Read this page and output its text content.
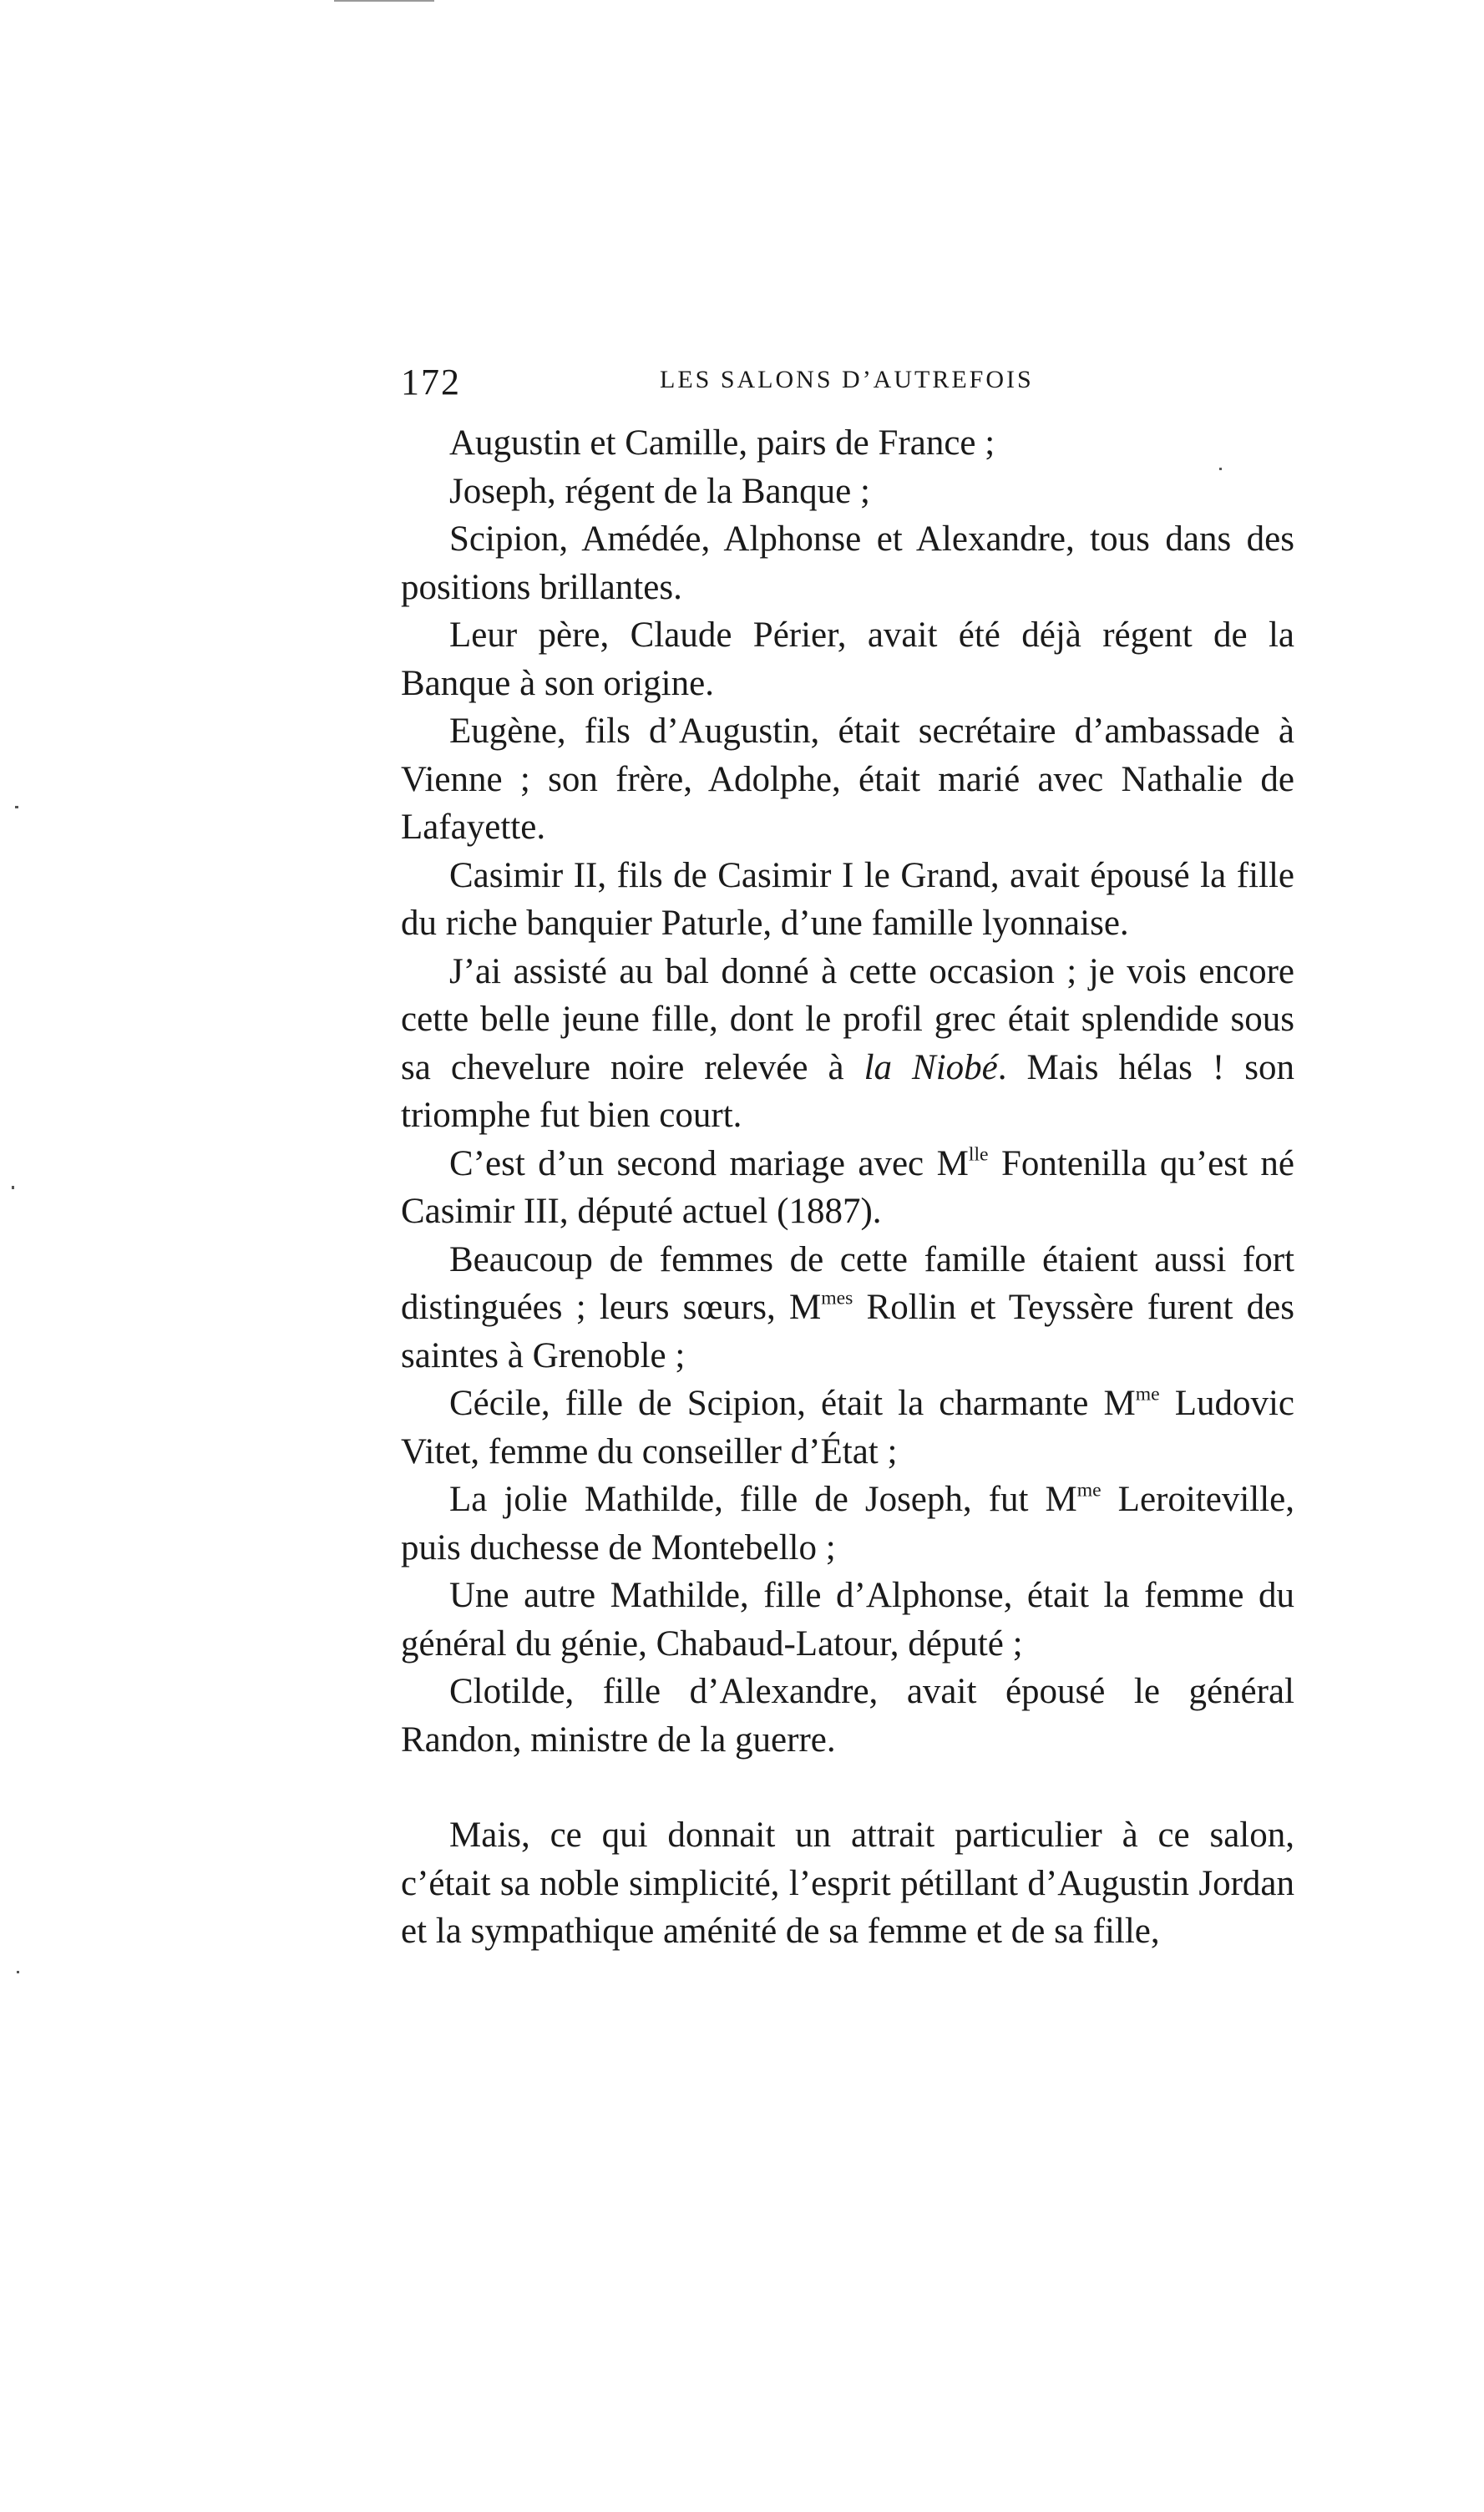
172	LES SALONS D’AUTREFOIS

Augustin et Camille, pairs de France ;

Joseph, régent de la Banque ;

Scipion, Amédée, Alphonse et Alexandre, tous dans des positions brillantes.

Leur père, Claude Périer, avait été déjà régent de la Banque à son origine.

Eugène, fils d’Augustin, était secrétaire d’ambassade à Vienne ; son frère, Adolphe, était marié avec Nathalie de Lafayette.

Casimir II, fils de Casimir I le Grand, avait épousé la fille du riche banquier Paturle, d’une famille lyonnaise.

J’ai assisté au bal donné à cette occasion ; je vois encore cette belle jeune fille, dont le profil grec était splendide sous sa chevelure noire relevée à la Niobé. Mais hélas ! son triomphe fut bien court.

C’est d’un second mariage avec $M^{lle}$ Fontenilla qu’est né Casimir III, député actuel (1887).

Beaucoup de femmes de cette famille étaient aussi fort distinguées ; leurs sœurs, $M^{mes}$ Rollin et Teyssère furent des saintes à Grenoble ;

Cécile, fille de Scipion, était la charmante $M^{me}$ Ludovic Vitet, femme du conseiller d’État ;

La jolie Mathilde, fille de Joseph, fut $M^{me}$ Leroiteville, puis duchesse de Montebello ;

Une autre Mathilde, fille d’Alphonse, était la femme du général du génie, Chabaud-Latour, député ;

Clotilde, fille d’Alexandre, avait épousé le général Randon, ministre de la guerre.

Mais, ce qui donnait un attrait particulier à ce salon, c’était sa noble simplicité, l’esprit pétillant d’Augustin Jordan et la sympathique aménité de sa femme et de sa fille,
